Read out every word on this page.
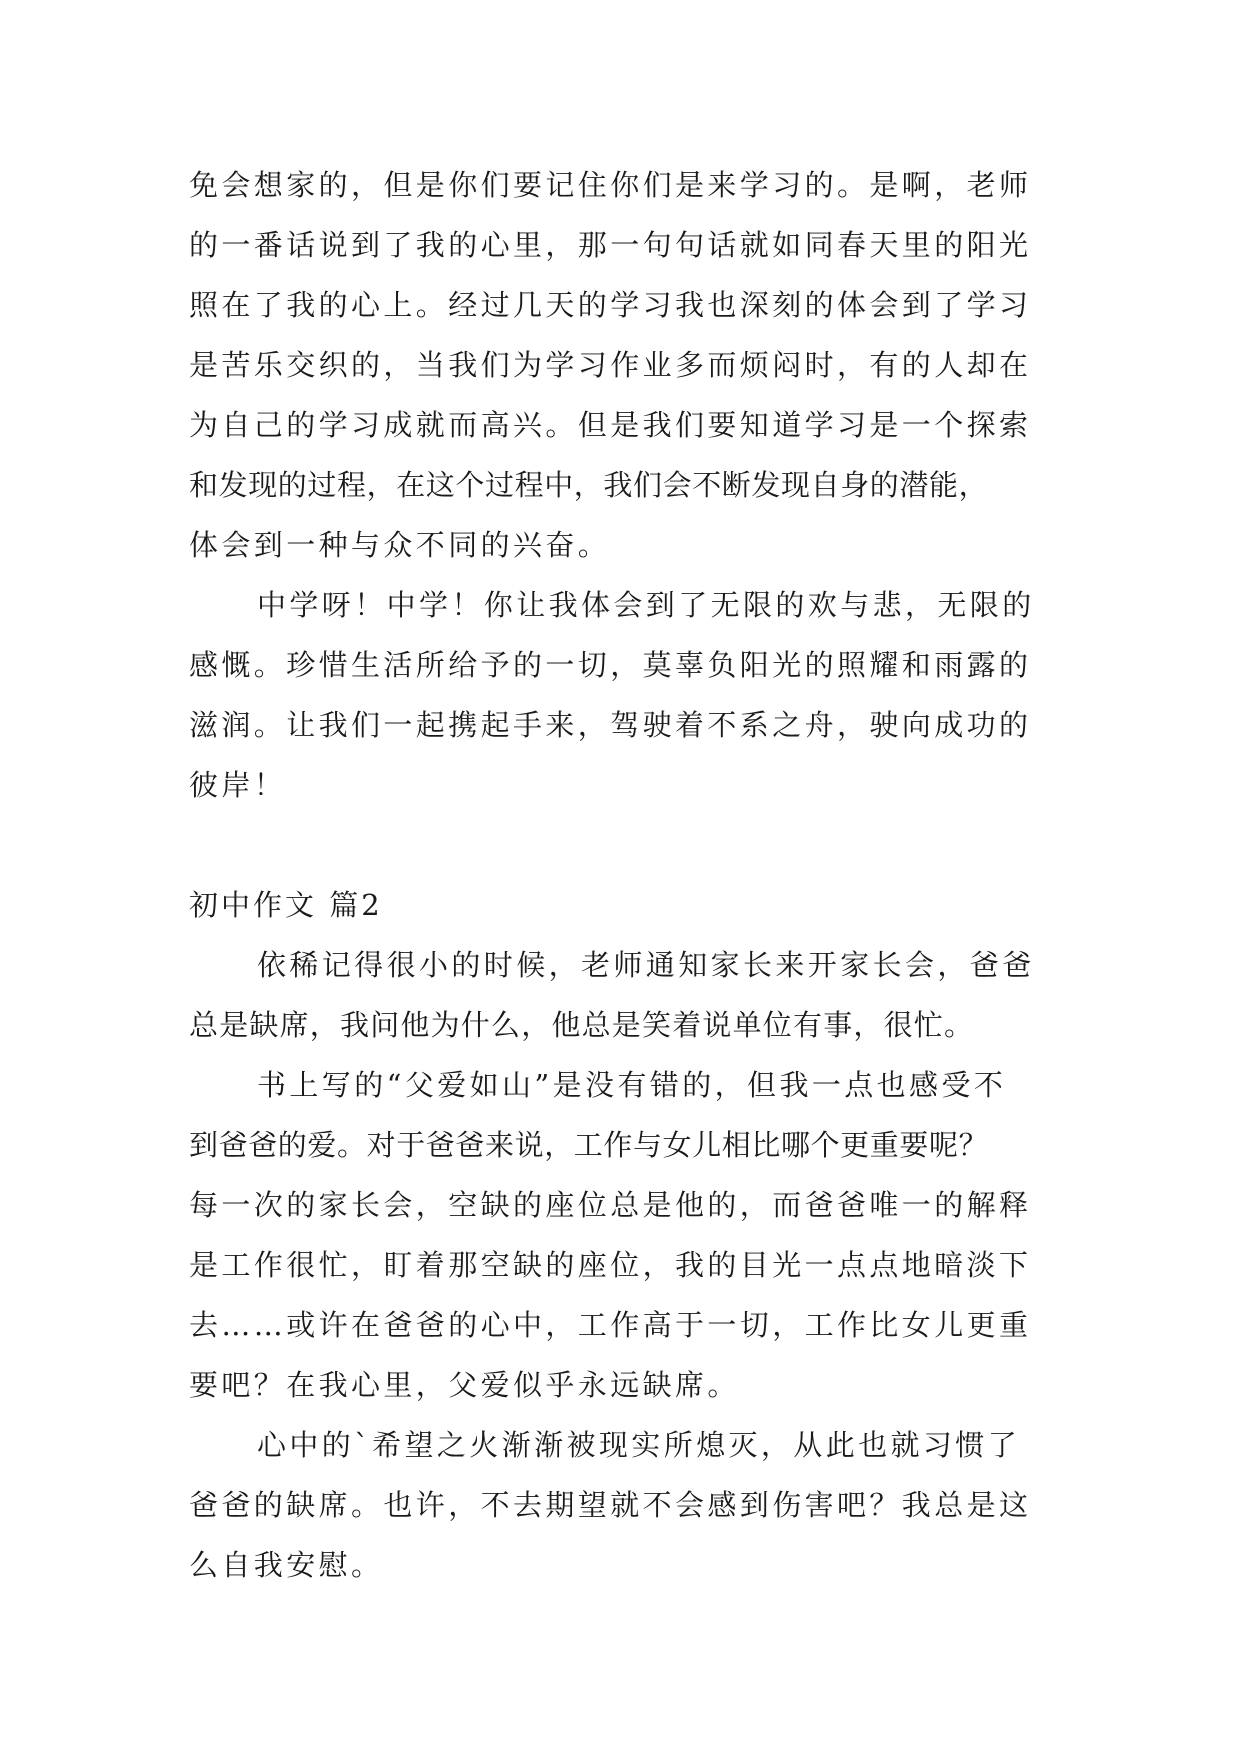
免会想家的，但是你们要记住你们是来学习的。是啊，老师
的一番话说到了我的心里，那一句句话就如同春天里的阳光
照在了我的心上。经过几天的学习我也深刻的体会到了学习
是苦乐交织的，当我们为学习作业多而烦闷时，有的人却在
为自己的学习成就而高兴。但是我们要知道学习是一个探索
和发现的过程，在这个过程中，我们会不断发现自身的潜能，
体会到一种与众不同的兴奋。
中学呀！中学！你让我体会到了无限的欢与悲，无限的
感慨。珍惜生活所给予的一切，莫辜负阳光的照耀和雨露的
滋润。让我们一起携起手来，驾驶着不系之舟，驶向成功的
彼岸！
初中作文 篇2
依稀记得很小的时候，老师通知家长来开家长会，爸爸
总是缺席，我问他为什么，他总是笑着说单位有事，很忙。
书上写的“父爱如山”是没有错的，但我一点也感受不
到爸爸的爱。对于爸爸来说，工作与女儿相比哪个更重要呢？
每一次的家长会，空缺的座位总是他的，而爸爸唯一的解释
是工作很忙，盯着那空缺的座位，我的目光一点点地暗淡下
去……或许在爸爸的心中，工作高于一切，工作比女儿更重
要吧？在我心里，父爱似乎永远缺席。
心中的`希望之火渐渐被现实所熄灭，从此也就习惯了
爸爸的缺席。也许，不去期望就不会感到伤害吧？我总是这
么自我安慰。
